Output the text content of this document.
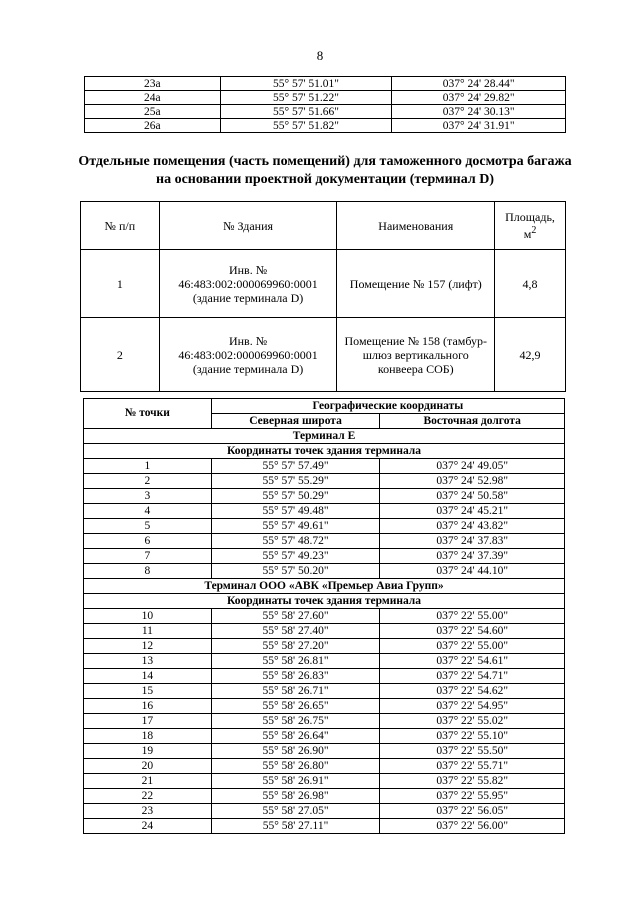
8
23а	55° 57' 51.01"	037° 24' 28.44"
24а	55° 57' 51.22"	037° 24' 29.82"
25а	55° 57' 51.66"	037° 24' 30.13"
26а	55° 57' 51.82"	037° 24' 31.91"
Отдельные помещения (часть помещений) для таможенного досмотра багажа
на основании проектной документации (терминал D)
№ п/п	№ Здания	Наименования	Площадь,
$м^2$
1	Инв. №
46:483:002:000069960:0001
(здание терминала D)	Помещение № 157 (лифт)	4,8
2	Инв. №
46:483:002:000069960:0001
(здание терминала D)	Помещение № 158 (тамбур-шлюз вертикального конвеера СОБ)	42,9
№ точки	Географические координаты	
	Северная широта	Восточная долгота
Терминал Е		
Координаты точек здания терминала		
1	55° 57' 57.49"	037° 24' 49.05"
2	55° 57' 55.29"	037° 24' 52.98"
3	55° 57' 50.29"	037° 24' 50.58"
4	55° 57' 49.48"	037° 24' 45.21"
5	55° 57' 49.61"	037° 24' 43.82"
6	55° 57' 48.72"	037° 24' 37.83"
7	55° 57' 49.23"	037° 24' 37.39"
8	55° 57' 50.20"	037° 24' 44.10"
Терминал ООО «АВК «Премьер Авиа Групп»		
Координаты точек здания терминала		
10	55° 58' 27.60"	037° 22' 55.00"
11	55° 58' 27.40"	037° 22' 54.60"
12	55° 58' 27.20"	037° 22' 55.00"
13	55° 58' 26.81"	037° 22' 54.61"
14	55° 58' 26.83"	037° 22' 54.71"
15	55° 58' 26.71"	037° 22' 54.62"
16	55° 58' 26.65"	037° 22' 54.95"
17	55° 58' 26.75"	037° 22' 55.02"
18	55° 58' 26.64"	037° 22' 55.10"
19	55° 58' 26.90"	037° 22' 55.50"
20	55° 58' 26.80"	037° 22' 55.71"
21	55° 58' 26.91"	037° 22' 55.82"
22	55° 58' 26.98"	037° 22' 55.95"
23	55° 58' 27.05"	037° 22' 56.05"
24	55° 58' 27.11"	037° 22' 56.00"
